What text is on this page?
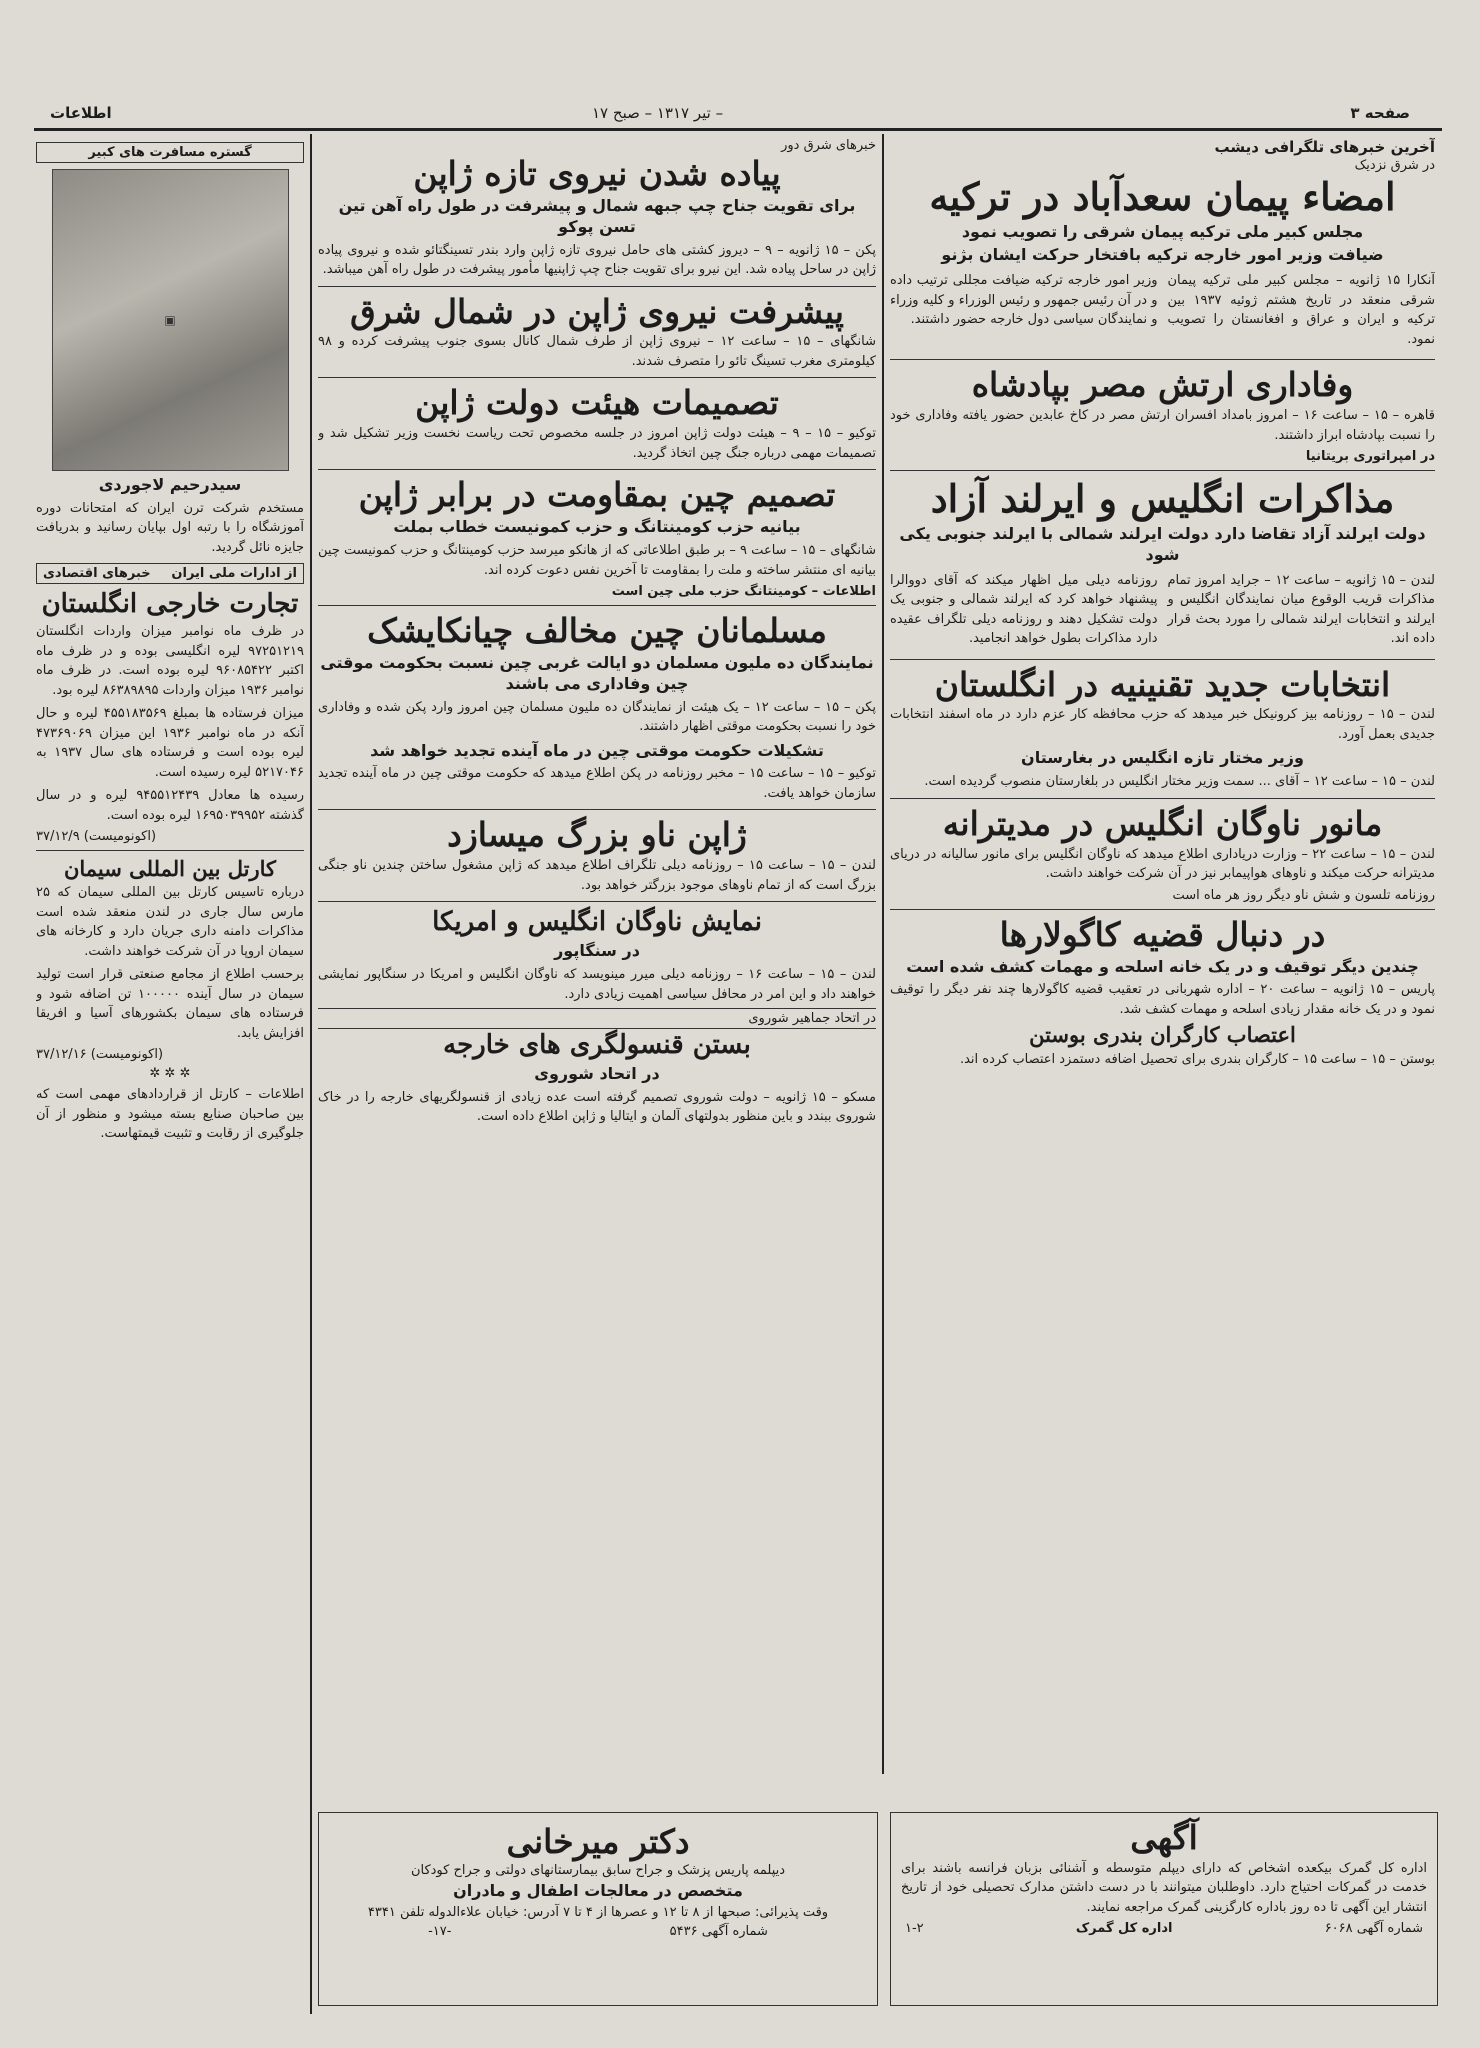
اطلاعات	۱۷ تیر ۱۳۱۷ – صبح –	صفحه ۳
آخرین خبرهای تلگرافی دیشب
در شرق نزدیک
امضاء پیمان سعدآباد در ترکیه
مجلس کبیر ملی ترکیه پیمان شرقی را تصویب نمود
ضیافت وزیر امور خارجه ترکیه بافتخار حرکت ایشان بژنو
آنکارا ۱۵ ژانویه – مجلس کبیر ملی ترکیه پیمان شرقی منعقد در تاریخ هشتم ژوئیه ۱۹۳۷ بین ترکیه و ایران و عراق و افغانستان را تصویب نمود.
وزیر امور خارجه ترکیه ضیافت مجللی ترتیب داده و در آن رئیس جمهور و رئیس الوزراء و کلیه وزراء و نمایندگان سیاسی دول خارجه حضور داشتند.
وفاداری ارتش مصر بپادشاه
قاهره – ۱۵ – ساعت ۱۶ – امروز بامداد افسران ارتش مصر در کاخ عابدین حضور یافته وفاداری خود را نسبت بپادشاه ابراز داشتند.
در امپراتوری بریتانیا
مذاکرات انگلیس و ایرلند آزاد
دولت ایرلند آزاد تقاضا دارد دولت ایرلند شمالی با ایرلند جنوبی یکی شود
لندن – ۱۵ ژانویه – ساعت ۱۲ – جراید امروز تمام مذاکرات قریب الوقوع میان نمایندگان انگلیس و ایرلند و انتخابات ایرلند شمالی را مورد بحث قرار داده اند.
روزنامه دیلی میل اظهار میکند که آقای دووالرا پیشنهاد خواهد کرد که ایرلند شمالی و جنوبی یک دولت تشکیل دهند و روزنامه دیلی تلگراف عقیده دارد مذاکرات بطول خواهد انجامید.
انتخابات جدید تقنینیه در انگلستان
لندن – ۱۵ – روزنامه بیز کرونیکل خبر میدهد که حزب محافظه کار عزم دارد در ماه اسفند انتخابات جدیدی بعمل آورد.
وزیر مختار تازه انگلیس در بغارستان
لندن – ۱۵ – ساعت ۱۲ – آقای ... سمت وزیر مختار انگلیس در بلغارستان منصوب گردیده است.
مانور ناوگان انگلیس در مدیترانه
لندن – ۱۵ – ساعت ۲۲ – وزارت دریاداری اطلاع میدهد که ناوگان انگلیس برای مانور سالیانه در دریای مدیترانه حرکت میکند و ناوهای هواپیمابر نیز در آن شرکت خواهند داشت.
روزنامه تلسون و شش ناو دیگر روز هر ماه است
در دنبال قضیه کاگولارها
چندین دیگر توقیف و در یک خانه اسلحه و مهمات کشف شده است
پاریس – ۱۵ ژانویه – ساعت ۲۰ – اداره شهربانی در تعقیب قضیه کاگولارها چند نفر دیگر را توقیف نمود و در یک خانه مقدار زیادی اسلحه و مهمات کشف شد.
اعتصاب کارگران بندری بوستن
بوستن – ۱۵ – ساعت ۱۵ – کارگران بندری برای تحصیل اضافه دستمزد اعتصاب کرده اند.
خبرهای شرق دور
پیاده شدن نیروی تازه ژاپن
برای تقویت جناح چپ جبهه شمال و پیشرفت در طول راه آهن تین تسن پوکو
پکن – ۱۵ ژانویه – ۹ – دیروز کشتی های حامل نیروی تازه ژاپن وارد بندر تسینگتائو شده و نیروی پیاده ژاپن در ساحل پیاده شد. این نیرو برای تقویت جناح چپ ژاپنیها مأمور پیشرفت در طول راه آهن میباشد.
پیشرفت نیروی ژاپن در شمال شرق
شانگهای – ۱۵ – ساعت ۱۲ – نیروی ژاپن از طرف شمال کانال بسوی جنوب پیشرفت کرده و ۹۸ کیلومتری مغرب تسینگ تائو را متصرف شدند.
تصمیمات هیئت دولت ژاپن
توکیو – ۱۵ – ۹ – هیئت دولت ژاپن امروز در جلسه مخصوص تحت ریاست نخست وزیر تشکیل شد و تصمیمات مهمی درباره جنگ چین اتخاذ گردید.
تصمیم چین بمقاومت در برابر ژاپن
بیانیه حزب کومینتانگ و حزب کمونیست خطاب بملت
شانگهای – ۱۵ – ساعت ۹ – بر طبق اطلاعاتی که از هانکو میرسد حزب کومینتانگ و حزب کمونیست چین بیانیه ای منتشر ساخته و ملت را بمقاومت تا آخرین نفس دعوت کرده اند.
اطلاعات – کومینتانگ حزب ملی چین است
مسلمانان چین مخالف چیانکایشک
نمایندگان ده ملیون مسلمان دو ایالت غربی چین نسبت بحکومت موقتی چین وفاداری می باشند
پکن – ۱۵ – ساعت ۱۲ – یک هیئت از نمایندگان ده ملیون مسلمان چین امروز وارد پکن شده و وفاداری خود را نسبت بحکومت موقتی اظهار داشتند.
تشکیلات حکومت موقتی چین در ماه آینده تجدید خواهد شد
توکیو – ۱۵ – ساعت ۱۵ – مخبر روزنامه در پکن اطلاع میدهد که حکومت موقتی چین در ماه آینده تجدید سازمان خواهد یافت.
ژاپن ناو بزرگ میسازد
لندن – ۱۵ – ساعت ۱۵ – روزنامه دیلی تلگراف اطلاع میدهد که ژاپن مشغول ساختن چندین ناو جنگی بزرگ است که از تمام ناوهای موجود بزرگتر خواهد بود.
نمایش ناوگان انگلیس و امریکا
در سنگاپور
لندن – ۱۵ – ساعت ۱۶ – روزنامه دیلی میرر مینویسد که ناوگان انگلیس و امریکا در سنگاپور نمایشی خواهند داد و این امر در محافل سیاسی اهمیت زیادی دارد.
در اتحاد جماهیر شوروی
بستن قنسولگری های خارجه
در اتحاد شوروی
مسکو – ۱۵ ژانویه – دولت شوروی تصمیم گرفته است عده زیادی از قنسولگریهای خارجه را در خاک شوروی ببندد و باین منظور بدولتهای آلمان و ایتالیا و ژاپن اطلاع داده است.
گستره مسافرت های کبیر
▣
سیدرحیم لاجوردی
مستخدم شرکت ترن ایران که امتحانات دوره آموزشگاه را با رتبه اول بپایان رسانید و بدریافت جایزه نائل گردید.
از ادارات ملی ایران
خبرهای اقتصادی
تجارت خارجی انگلستان
در ظرف ماه نوامبر میزان واردات انگلستان ۹۷۲۵۱۲۱۹ لیره انگلیسی بوده و در ظرف ماه اکتبر ۹۶۰۸۵۴۲۲ لیره بوده است. در ظرف ماه نوامبر ۱۹۳۶ میزان واردات ۸۶۳۸۹۸۹۵ لیره بود.
میزان فرستاده ها بمبلغ ۴۵۵۱۸۳۵۶۹ لیره و حال آنکه در ماه نوامبر ۱۹۳۶ این میزان ۴۷۳۶۹۰۶۹ لیره بوده است و فرستاده های سال ۱۹۳۷ به ۵۲۱۷۰۴۶ لیره رسیده است.
رسیده ها معادل ۹۴۵۵۱۲۴۳۹ لیره و در سال گذشته ۱۶۹۵۰۳۹۹۵۲ لیره بوده است.
(اکونومیست) ۳۷/۱۲/۹
کارتل بین المللی سیمان
درباره تاسیس کارتل بین المللی سیمان که ۲۵ مارس سال جاری در لندن منعقد شده است مذاکرات دامنه داری جریان دارد و کارخانه های سیمان اروپا در آن شرکت خواهند داشت.
برحسب اطلاع از مجامع صنعتی قرار است تولید سیمان در سال آینده ۱۰۰۰۰۰ تن اضافه شود و فرستاده های سیمان بکشورهای آسیا و افریقا افزایش یابد.
(اکونومیست) ۳۷/۱۲/۱۶
✲ ✲ ✲
اطلاعات – کارتل از قراردادهای مهمی است که بین صاحبان صنایع بسته میشود و منظور از آن جلوگیری از رقابت و تثبیت قیمتهاست.
دکتر میرخانی
دیپلمه پاریس پزشک و جراح سابق بیمارستانهای دولتی و جراح کودکان
متخصص در معالجات اطفال و مادران
وقت پذیرائی: صبحها از ۸ تا ۱۲ و عصرها از ۴ تا ۷ آدرس: خیابان علاءالدوله تلفن ۴۳۴۱
شماره آگهی ۵۴۳۶
-۱۷-
آگهی
اداره کل گمرک بیکعده اشخاص که دارای دیپلم متوسطه و آشنائی بزبان فرانسه باشند برای خدمت در گمرکات احتیاج دارد. داوطلبان میتوانند با در دست داشتن مدارک تحصیلی خود از تاریخ انتشار این آگهی تا ده روز باداره کارگزینی گمرک مراجعه نمایند.
شماره آگهی ۶۰۶۸
اداره کل گمرک
۱-۲
